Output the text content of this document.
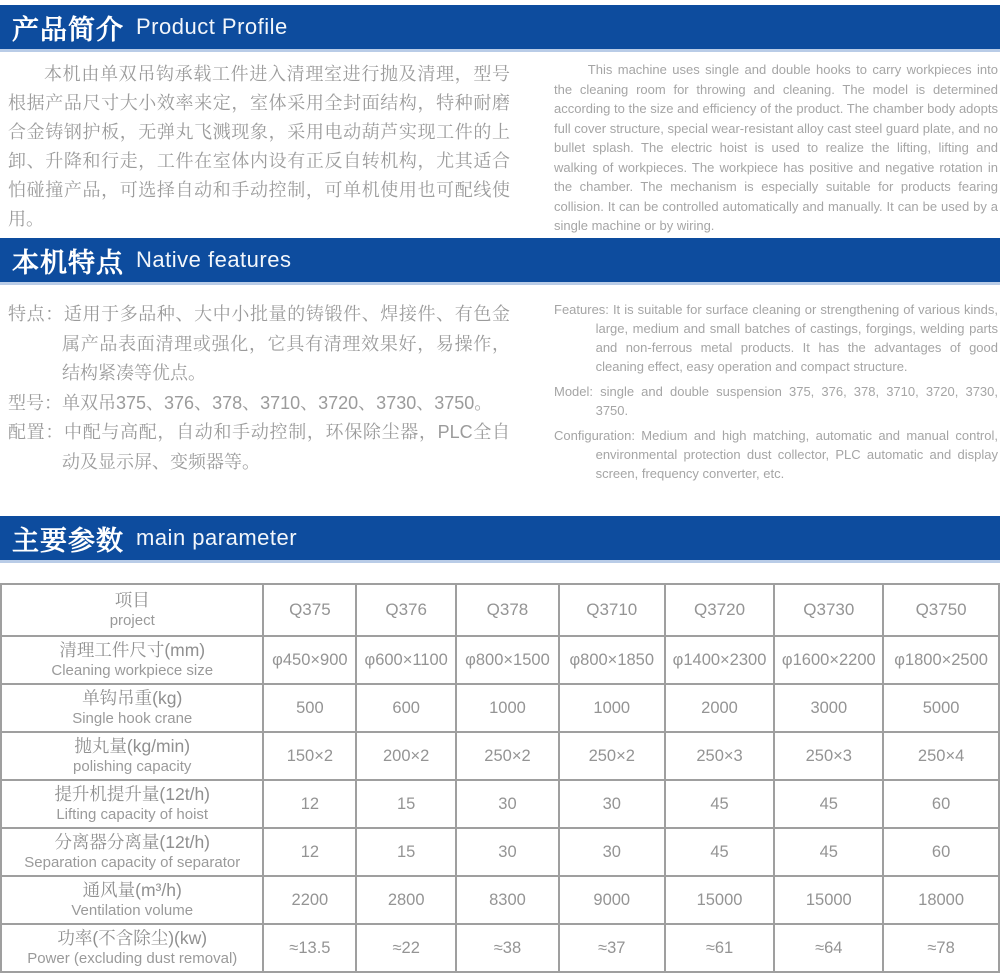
产品简介 Product Profile

本机由单双吊钩承载工件进入清理室进行抛及清理，型号根据产品尺寸大小效率来定，室体采用全封面结构，特种耐磨合金铸钢护板，无弹丸飞溅现象，采用电动葫芦实现工件的上卸、升降和行走，工件在室体内设有正反自转机构，尤其适合怕碰撞产品，可选择自动和手动控制，可单机使用也可配线使用。

This machine uses single and double hooks to carry workpieces into the cleaning room for throwing and cleaning. The model is determined according to the size and efficiency of the product. The chamber body adopts full cover structure, special wear-resistant alloy cast steel guard plate, and no bullet splash. The electric hoist is used to realize the lifting, lifting and walking of workpieces. The workpiece has positive and negative rotation in the chamber. The mechanism is especially suitable for products fearing collision. It can be controlled automatically and manually. It can be used by a single machine or by wiring.

本机特点 Native features

特点：适用于多品种、大中小批量的铸锻件、焊接件、有色金属产品表面清理或强化，它具有清理效果好，易操作，结构紧凑等优点。

型号：单双吊375、376、378、3710、3720、3730、3750。

配置：中配与高配，自动和手动控制，环保除尘器，PLC全自动及显示屏、变频器等。

Features: It is suitable for surface cleaning or strengthening of various kinds, large, medium and small batches of castings, forgings, welding parts and non-ferrous metal products. It has the advantages of good cleaning effect, easy operation and compact structure.

Model: single and double suspension 375, 376, 378, 3710, 3720, 3730, 3750.

Configuration: Medium and high matching, automatic and manual control, environmental protection dust collector, PLC automatic and display screen, frequency converter, etc.

主要参数 main parameter
项目
project	Q375	Q376	Q378	Q3710	Q3720	Q3730	Q3750

清理工件尺寸(mm)
Cleaning workpiece size	φ450×900	φ600×1100	φ800×1500	φ800×1850	φ1400×2300	φ1600×2200	φ1800×2500

单钩吊重(kg)
Single hook crane	500	600	1000	1000	2000	3000	5000

抛丸量(kg/min)
polishing capacity	150×2	200×2	250×2	250×2	250×3	250×3	250×4

提升机提升量(12t/h)
Lifting capacity of hoist	12	15	30	30	45	45	60

分离器分离量(12t/h)
Separation capacity of separator	12	15	30	30	45	45	60

通风量(m³/h)
Ventilation volume	2200	2800	8300	9000	15000	15000	18000

功率(不含除尘)(kw)
Power (excluding dust removal)	≈13.5	≈22	≈38	≈37	≈61	≈64	≈78
